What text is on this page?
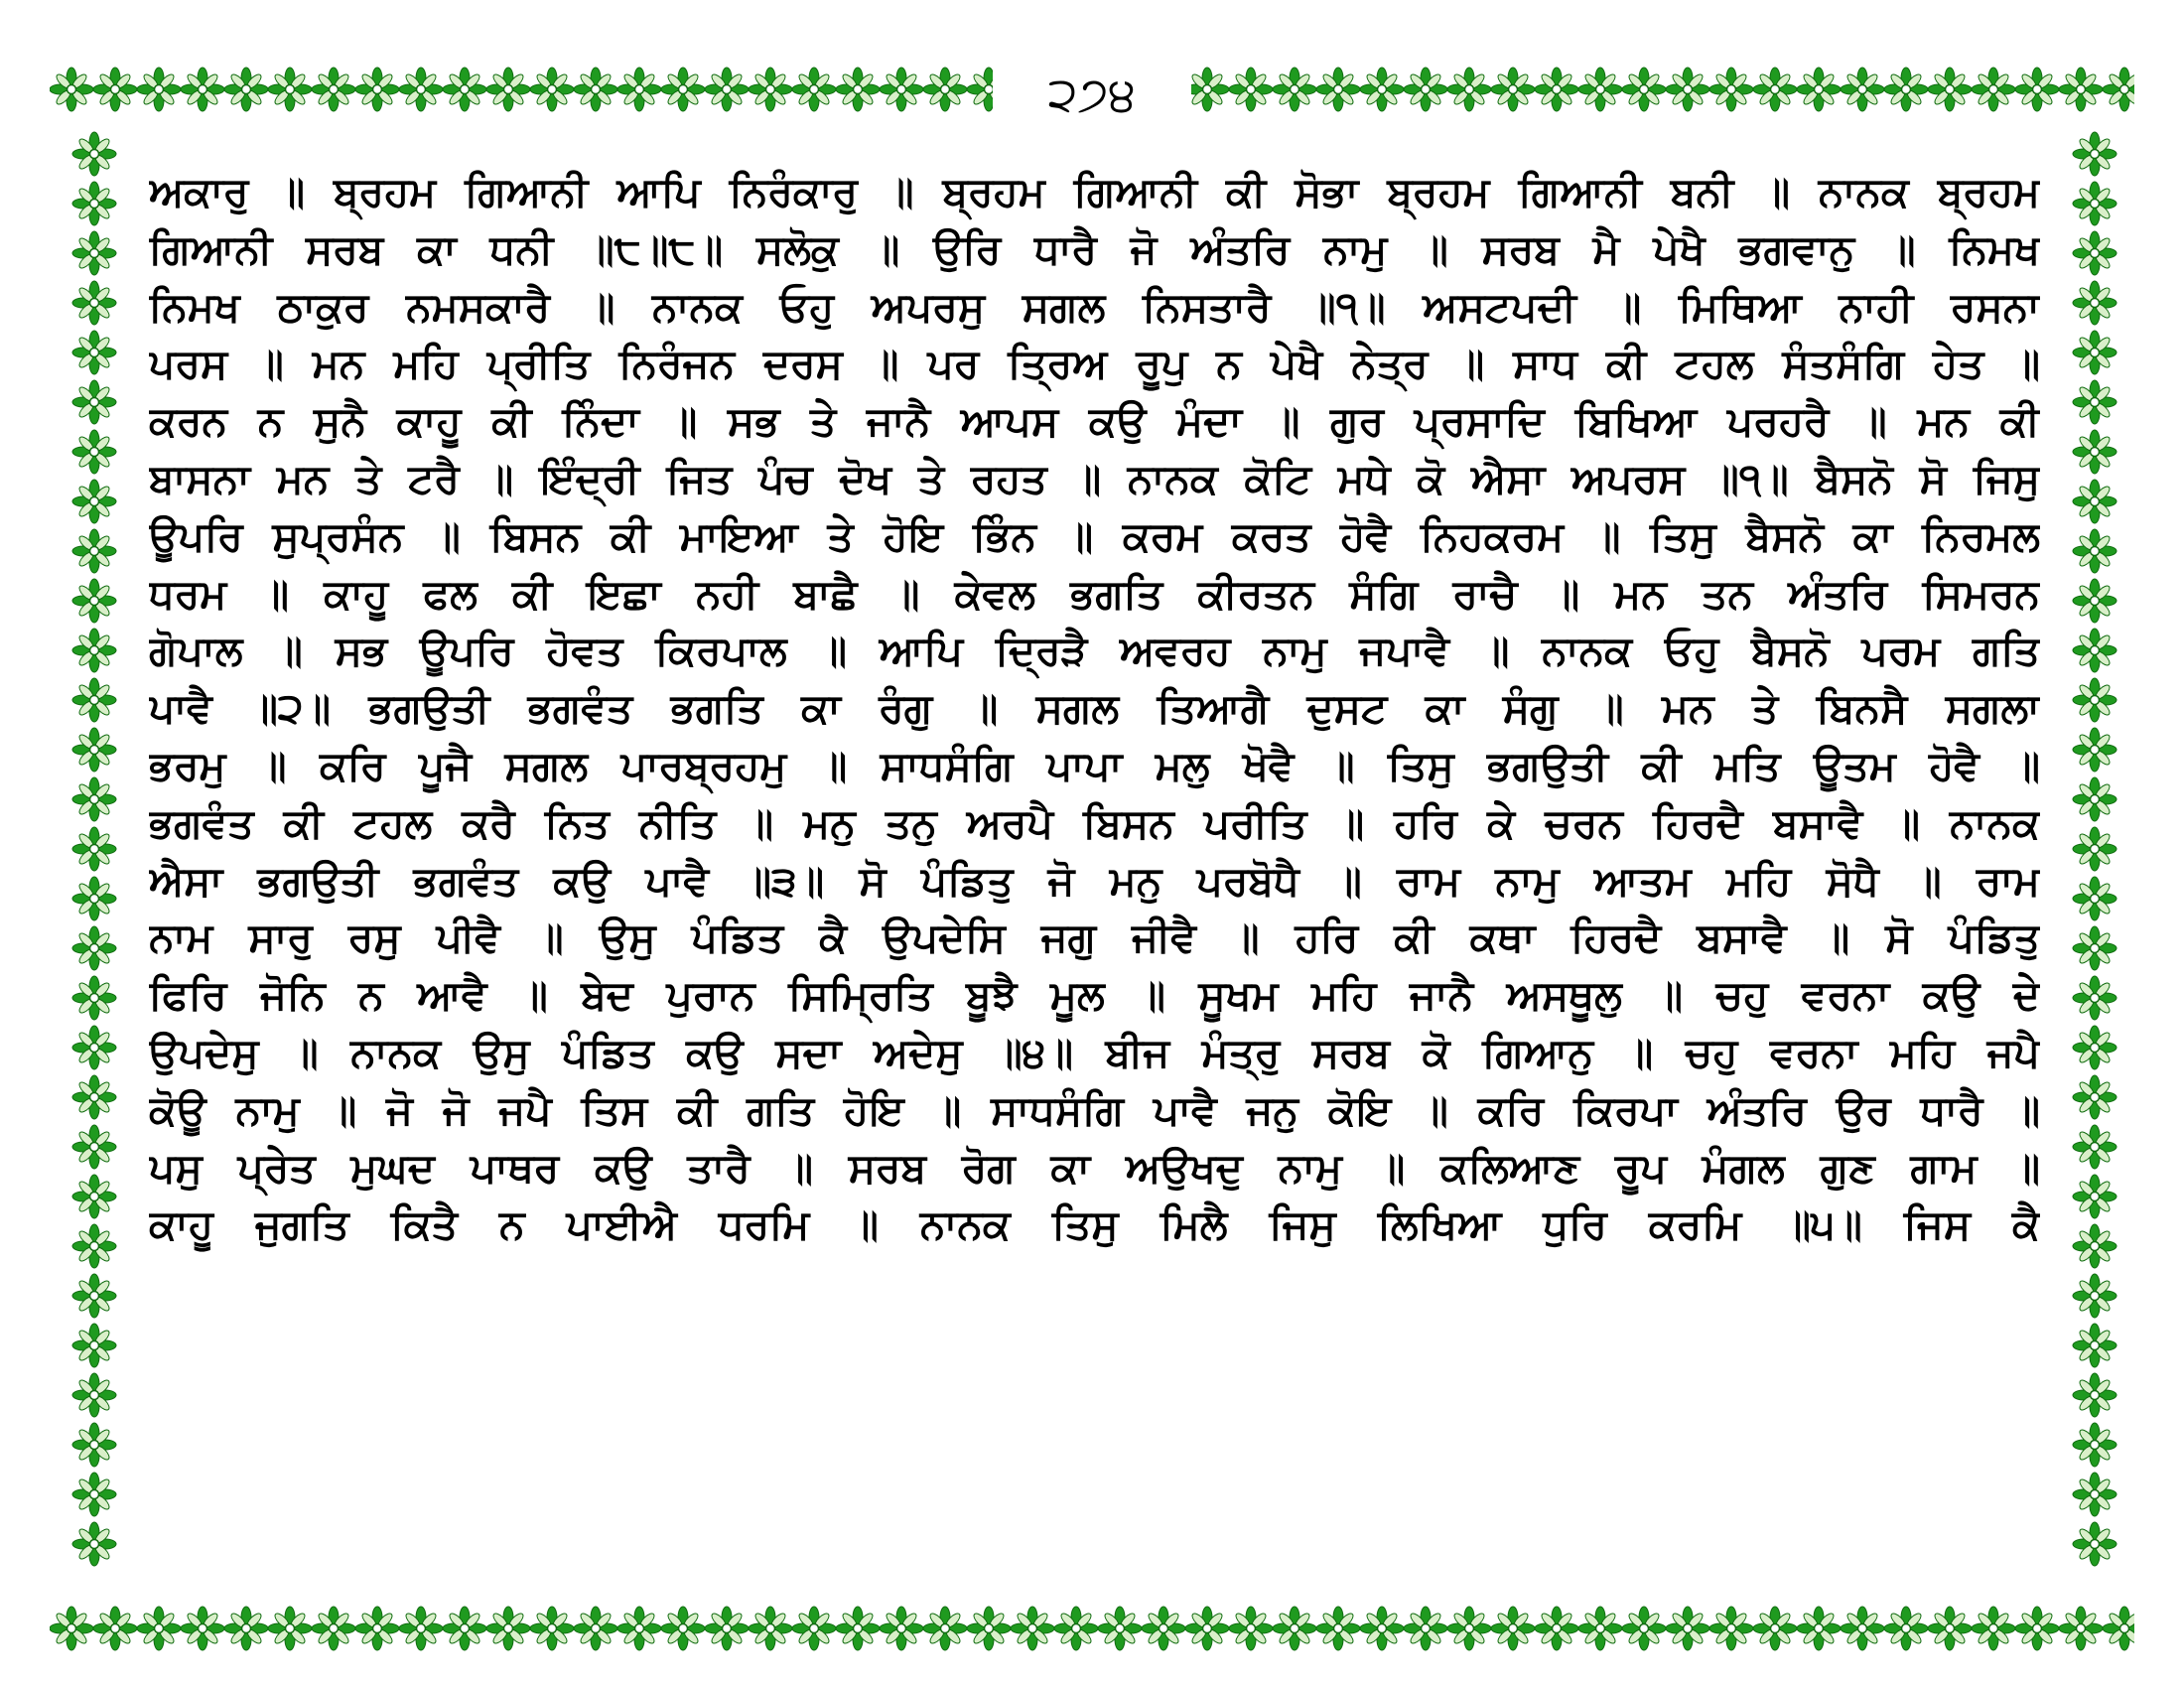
੨੭੪
ਅਕਾਰੁ ॥ ਬ੍ਰਹਮ ਗਿਆਨੀ ਆਪਿ ਨਿਰੰਕਾਰੁ ॥ ਬ੍ਰਹਮ ਗਿਆਨੀ ਕੀ ਸੋਭਾ ਬ੍ਰਹਮ ਗਿਆਨੀ ਬਨੀ ॥ ਨਾਨਕ ਬ੍ਰਹਮ
ਗਿਆਨੀ ਸਰਬ ਕਾ ਧਨੀ ॥੮॥੮॥ ਸਲੋਕੁ ॥ ਉਰਿ ਧਾਰੈ ਜੋ ਅੰਤਰਿ ਨਾਮੁ ॥ ਸਰਬ ਮੈ ਪੇਖੈ ਭਗਵਾਨੁ ॥ ਨਿਮਖ
ਨਿਮਖ ਠਾਕੁਰ ਨਮਸਕਾਰੈ ॥ ਨਾਨਕ ਓਹੁ ਅਪਰਸੁ ਸਗਲ ਨਿਸਤਾਰੈ ॥੧॥ ਅਸਟਪਦੀ ॥ ਮਿਥਿਆ ਨਾਹੀ ਰਸਨਾ
ਪਰਸ ॥ ਮਨ ਮਹਿ ਪ੍ਰੀਤਿ ਨਿਰੰਜਨ ਦਰਸ ॥ ਪਰ ਤ੍ਰਿਅ ਰੂਪੁ ਨ ਪੇਖੈ ਨੇਤ੍ਰ ॥ ਸਾਧ ਕੀ ਟਹਲ ਸੰਤਸੰਗਿ ਹੇਤ ॥
ਕਰਨ ਨ ਸੁਨੈ ਕਾਹੂ ਕੀ ਨਿੰਦਾ ॥ ਸਭ ਤੇ ਜਾਨੈ ਆਪਸ ਕਉ ਮੰਦਾ ॥ ਗੁਰ ਪ੍ਰਸਾਦਿ ਬਿਖਿਆ ਪਰਹਰੈ ॥ ਮਨ ਕੀ
ਬਾਸਨਾ ਮਨ ਤੇ ਟਰੈ ॥ ਇੰਦ੍ਰੀ ਜਿਤ ਪੰਚ ਦੋਖ ਤੇ ਰਹਤ ॥ ਨਾਨਕ ਕੋਟਿ ਮਧੇ ਕੋ ਐਸਾ ਅਪਰਸ ॥੧॥ ਬੈਸਨੋ ਸੋ ਜਿਸੁ
ਊਪਰਿ ਸੁਪ੍ਰਸੰਨ ॥ ਬਿਸਨ ਕੀ ਮਾਇਆ ਤੇ ਹੋਇ ਭਿੰਨ ॥ ਕਰਮ ਕਰਤ ਹੋਵੈ ਨਿਹਕਰਮ ॥ ਤਿਸੁ ਬੈਸਨੋ ਕਾ ਨਿਰਮਲ
ਧਰਮ ॥ ਕਾਹੂ ਫਲ ਕੀ ਇਛਾ ਨਹੀ ਬਾਛੈ ॥ ਕੇਵਲ ਭਗਤਿ ਕੀਰਤਨ ਸੰਗਿ ਰਾਚੈ ॥ ਮਨ ਤਨ ਅੰਤਰਿ ਸਿਮਰਨ
ਗੋਪਾਲ ॥ ਸਭ ਊਪਰਿ ਹੋਵਤ ਕਿਰਪਾਲ ॥ ਆਪਿ ਦ੍ਰਿੜੈ ਅਵਰਹ ਨਾਮੁ ਜਪਾਵੈ ॥ ਨਾਨਕ ਓਹੁ ਬੈਸਨੋ ਪਰਮ ਗਤਿ
ਪਾਵੈ ॥੨॥ ਭਗਉਤੀ ਭਗਵੰਤ ਭਗਤਿ ਕਾ ਰੰਗੁ ॥ ਸਗਲ ਤਿਆਗੈ ਦੁਸਟ ਕਾ ਸੰਗੁ ॥ ਮਨ ਤੇ ਬਿਨਸੈ ਸਗਲਾ
ਭਰਮੁ ॥ ਕਰਿ ਪੂਜੈ ਸਗਲ ਪਾਰਬ੍ਰਹਮੁ ॥ ਸਾਧਸੰਗਿ ਪਾਪਾ ਮਲੁ ਖੋਵੈ ॥ ਤਿਸੁ ਭਗਉਤੀ ਕੀ ਮਤਿ ਊਤਮ ਹੋਵੈ ॥
ਭਗਵੰਤ ਕੀ ਟਹਲ ਕਰੈ ਨਿਤ ਨੀਤਿ ॥ ਮਨੁ ਤਨੁ ਅਰਪੈ ਬਿਸਨ ਪਰੀਤਿ ॥ ਹਰਿ ਕੇ ਚਰਨ ਹਿਰਦੈ ਬਸਾਵੈ ॥ ਨਾਨਕ
ਐਸਾ ਭਗਉਤੀ ਭਗਵੰਤ ਕਉ ਪਾਵੈ ॥੩॥ ਸੋ ਪੰਡਿਤੁ ਜੋ ਮਨੁ ਪਰਬੋਧੈ ॥ ਰਾਮ ਨਾਮੁ ਆਤਮ ਮਹਿ ਸੋਧੈ ॥ ਰਾਮ
ਨਾਮ ਸਾਰੁ ਰਸੁ ਪੀਵੈ ॥ ਉਸੁ ਪੰਡਿਤ ਕੈ ਉਪਦੇਸਿ ਜਗੁ ਜੀਵੈ ॥ ਹਰਿ ਕੀ ਕਥਾ ਹਿਰਦੈ ਬਸਾਵੈ ॥ ਸੋ ਪੰਡਿਤੁ
ਫਿਰਿ ਜੋਨਿ ਨ ਆਵੈ ॥ ਬੇਦ ਪੁਰਾਨ ਸਿਮ੍ਰਿਤਿ ਬੂਝੈ ਮੂਲ ॥ ਸੂਖਮ ਮਹਿ ਜਾਨੈ ਅਸਥੂਲੁ ॥ ਚਹੁ ਵਰਨਾ ਕਉ ਦੇ
ਉਪਦੇਸੁ ॥ ਨਾਨਕ ਉਸੁ ਪੰਡਿਤ ਕਉ ਸਦਾ ਅਦੇਸੁ ॥੪॥ ਬੀਜ ਮੰਤ੍ਰੁ ਸਰਬ ਕੋ ਗਿਆਨੁ ॥ ਚਹੁ ਵਰਨਾ ਮਹਿ ਜਪੈ
ਕੋਊ ਨਾਮੁ ॥ ਜੋ ਜੋ ਜਪੈ ਤਿਸ ਕੀ ਗਤਿ ਹੋਇ ॥ ਸਾਧਸੰਗਿ ਪਾਵੈ ਜਨੁ ਕੋਇ ॥ ਕਰਿ ਕਿਰਪਾ ਅੰਤਰਿ ਉਰ ਧਾਰੈ ॥
ਪਸੁ ਪ੍ਰੇਤ ਮੁਘਦ ਪਾਥਰ ਕਉ ਤਾਰੈ ॥ ਸਰਬ ਰੋਗ ਕਾ ਅਉਖਦੁ ਨਾਮੁ ॥ ਕਲਿਆਣ ਰੂਪ ਮੰਗਲ ਗੁਣ ਗਾਮ ॥
ਕਾਹੂ ਜੁਗਤਿ ਕਿਤੈ ਨ ਪਾਈਐ ਧਰਮਿ ॥ ਨਾਨਕ ਤਿਸੁ ਮਿਲੈ ਜਿਸੁ ਲਿਖਿਆ ਧੁਰਿ ਕਰਮਿ ॥੫॥ ਜਿਸ ਕੈ
